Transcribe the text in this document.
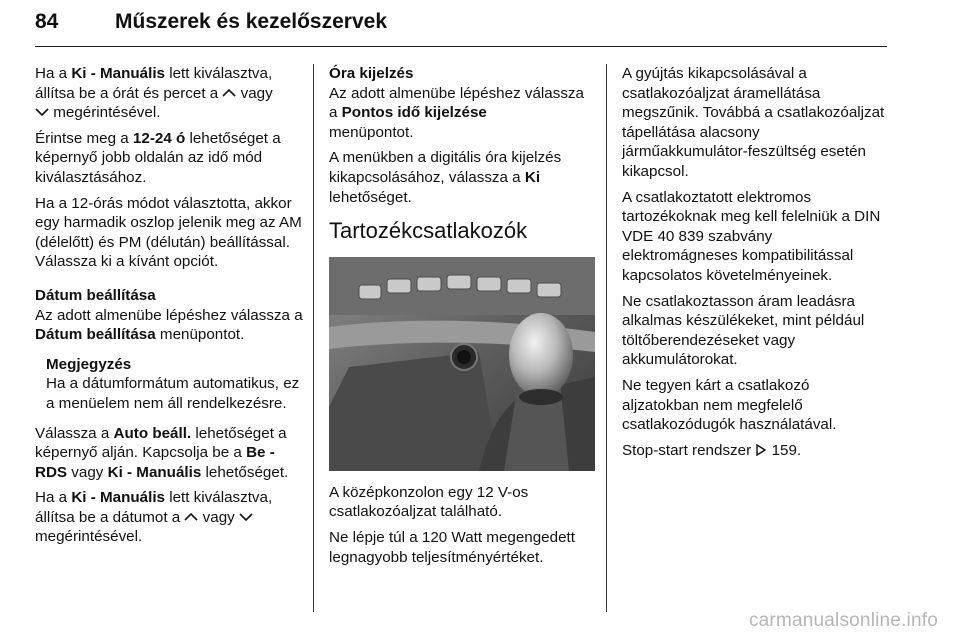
84	Műszerek és kezelőszervek

Ha a Ki - Manuális lett kiválasztva, állítsa be a órát és percet a
vagy

megérintésével.

Érintse meg a 12-24 ó lehetőséget a képernyő jobb oldalán az idő mód kiválasztásához.

Ha a 12-órás módot választotta, akkor egy harmadik oszlop jelenik meg az AM (délelőtt) és PM (délután) beállítással. Válassza ki a kívánt opciót.

Dátum beállítása

Az adott almenübe lépéshez válassza a Dátum beállítása menüpontot.

Megjegyzés
Ha a dátumformátum automatikus, ez a menüelem nem áll rendelkezésre.

Válassza a Auto beáll. lehetőséget a képernyő alján. Kapcsolja be a Be - RDS vagy Ki - Manuális lehetőséget.

Ha a Ki - Manuális lett kiválasztva, állítsa be a dátumot a
vagy

megérintésével.

Óra kijelzés

Az adott almenübe lépéshez válassza a Pontos idő kijelzése
menüpontot.

A menükben a digitális óra kijelzés kikapcsolásához, válassza a Ki
lehetőséget.

Tartozékcsatlakozók

A középkonzolon egy 12 V-os csatlakozóaljzat található.

Ne lépje túl a 120 Watt megengedett legnagyobb teljesítményértéket.

A gyújtás kikapcsolásával a csatlakozóaljzat áramellátása megszűnik. Továbbá a csatlakozóaljzat tápellátása alacsony járműakkumulátor-feszültség esetén kikapcsol.

A csatlakoztatott elektromos tartozékoknak meg kell felelniük a DIN VDE 40 839 szabvány elektromágneses kompatibilitással kapcsolatos követelményeinek.

Ne csatlakoztasson áram leadásra alkalmas készülékeket, mint például töltőberendezéseket vagy akkumulátorokat.

Ne tegyen kárt a csatlakozó aljzatokban nem megfelelő csatlakozódugók használatával.

Stop-start rendszer  159.

carmanualsonline.info
